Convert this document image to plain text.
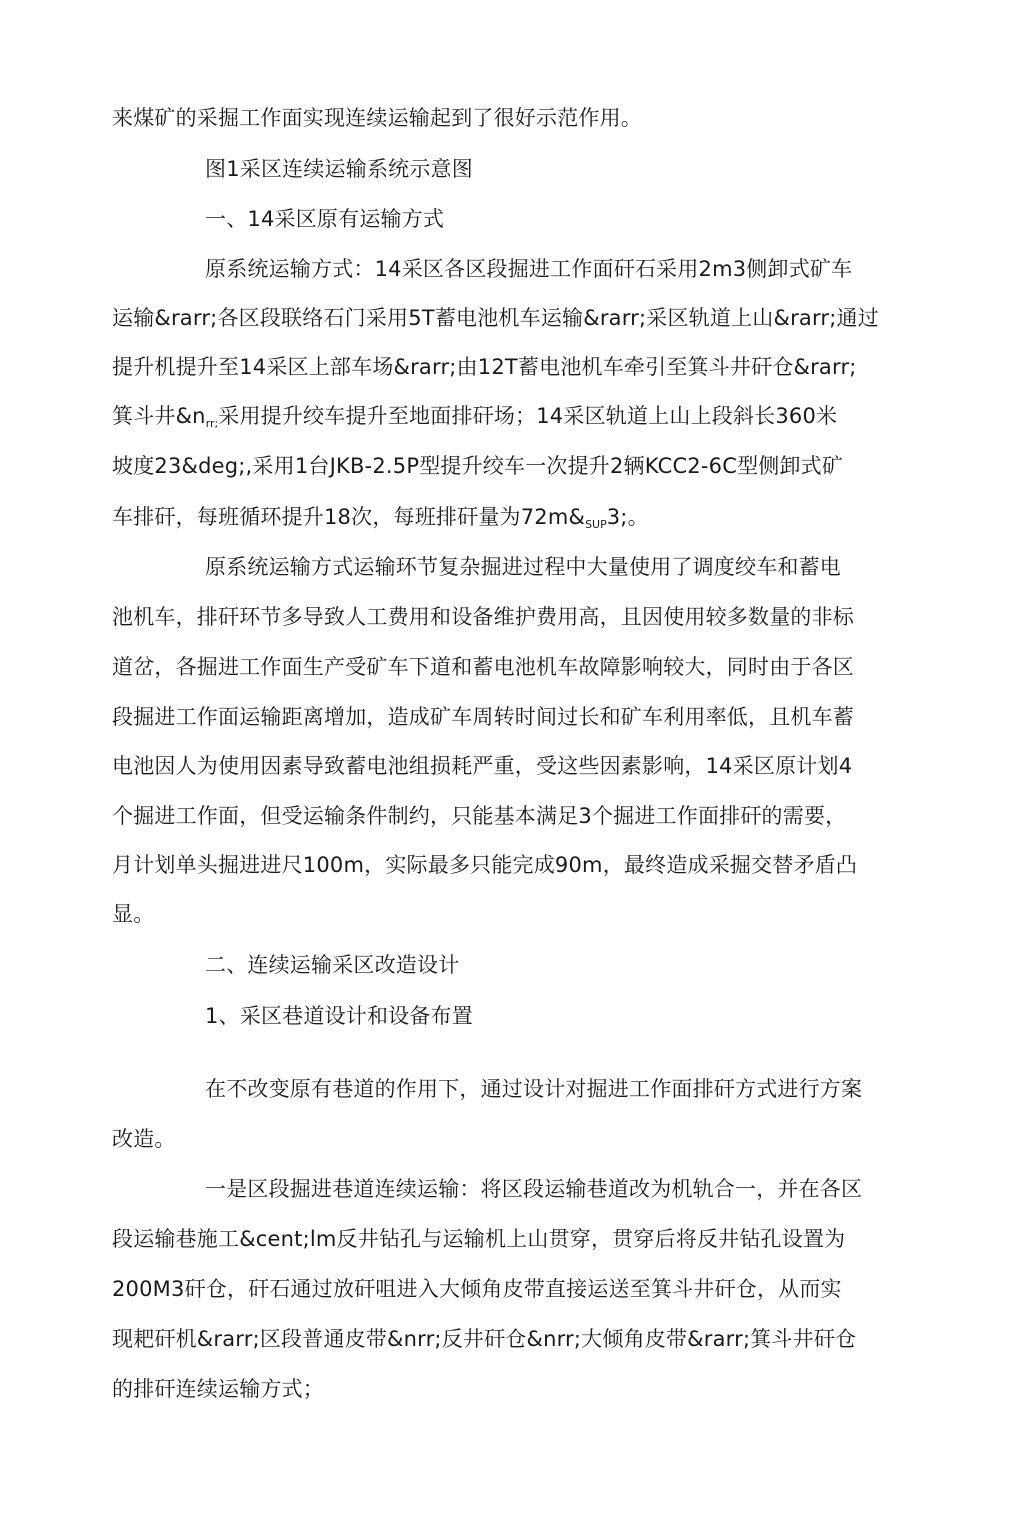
来煤矿的采掘工作面实现连续运输起到了很好示范作用。
图1采区连续运输系统示意图
一、14采区原有运输方式
原系统运输方式：14采区各区段掘进工作面矸石采用2m3侧卸式矿车
运输&rarr;各区段联络石门采用5T蓄电池机车运输&rarr;采区轨道上山&rarr;通过
提升机提升至14采区上部车场&rarr;由12T蓄电池机车牵引至箕斗井矸仓&rarr;
箕斗井$\&n_{rr;}$采用提升绞车提升至地面排矸场；14采区轨道上山上段斜长360米
坡度23&deg;,采用1台JKB-2.5P型提升绞车一次提升2辆KCC2-6C型侧卸式矿
车排矸，每班循环提升18次，每班排矸量为$72m\&_{SUP}3$;。
原系统运输方式运输环节复杂掘进过程中大量使用了调度绞车和蓄电
池机车，排矸环节多导致人工费用和设备维护费用高，且因使用较多数量的非标
道岔，各掘进工作面生产受矿车下道和蓄电池机车故障影响较大，同时由于各区
段掘进工作面运输距离增加，造成矿车周转时间过长和矿车利用率低，且机车蓄
电池因人为使用因素导致蓄电池组损耗严重，受这些因素影响，14采区原计划4
个掘进工作面，但受运输条件制约，只能基本满足3个掘进工作面排矸的需要，
月计划单头掘进进尺100m，实际最多只能完成90m，最终造成采掘交替矛盾凸
显。
二、连续运输采区改造设计
1、采区巷道设计和设备布置
在不改变原有巷道的作用下，通过设计对掘进工作面排矸方式进行方案
改造。
一是区段掘进巷道连续运输：将区段运输巷道改为机轨合一，并在各区
段运输巷施工&cent;lm反井钻孔与运输机上山贯穿，贯穿后将反井钻孔设置为
200M3矸仓，矸石通过放矸咀进入大倾角皮带直接运送至箕斗井矸仓，从而实
现耙矸机&rarr;区段普通皮带&nrr;反井矸仓&nrr;大倾角皮带&rarr;箕斗井矸仓
的排矸连续运输方式；
